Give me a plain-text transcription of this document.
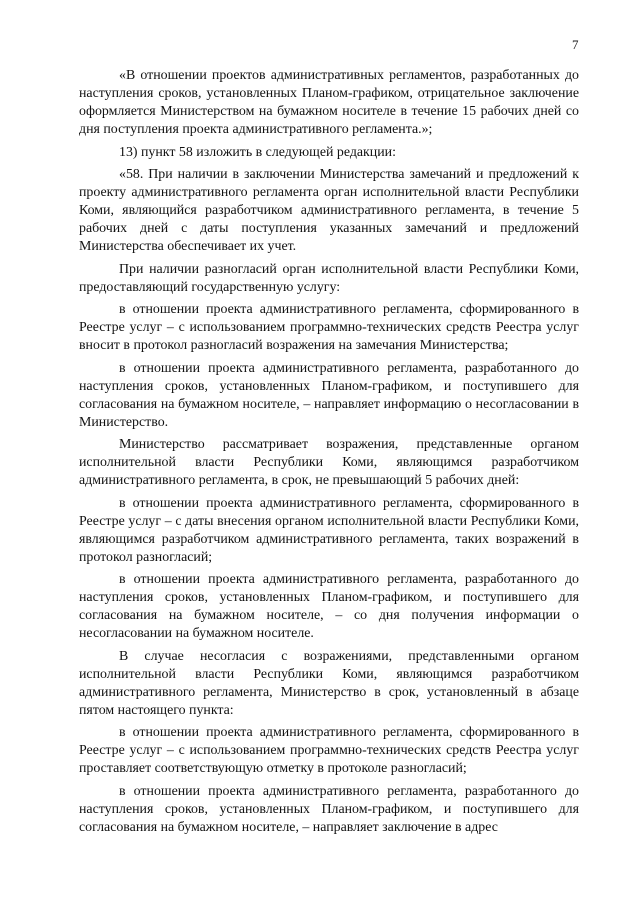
7

«В отношении проектов административных регламентов, разработанных до наступления сроков, установленных Планом-графиком, отрицательное заключение оформляется Министерством на бумажном носителе в течение 15 рабочих дней со дня поступления проекта административного регламента.»;

13) пункт 58 изложить в следующей редакции:

«58. При наличии в заключении Министерства замечаний и предложений к проекту административного регламента орган исполнительной власти Республики Коми, являющийся разработчиком административного регламента, в течение 5 рабочих дней с даты поступления указанных замечаний и предложений Министерства обеспечивает их учет.

При наличии разногласий орган исполнительной власти Республики Коми, предоставляющий государственную услугу:

в отношении проекта административного регламента, сформированного в Реестре услуг – с использованием программно-технических средств Реестра услуг вносит в протокол разногласий возражения на замечания Министерства;

в отношении проекта административного регламента, разработанного до наступления сроков, установленных Планом-графиком, и поступившего для согласования на бумажном носителе, – направляет информацию о несогласовании в Министерство.

Министерство рассматривает возражения, представленные органом исполнительной власти Республики Коми, являющимся разработчиком административного регламента, в срок, не превышающий 5 рабочих дней:

в отношении проекта административного регламента, сформированного в Реестре услуг – с даты внесения органом исполнительной власти Республики Коми, являющимся разработчиком административного регламента, таких возражений в протокол разногласий;

в отношении проекта административного регламента, разработанного до наступления сроков, установленных Планом-графиком, и поступившего для согласования на бумажном носителе, – со дня получения информации о несогласовании на бумажном носителе.

В случае несогласия с возражениями, представленными органом исполнительной власти Республики Коми, являющимся разработчиком административного регламента, Министерство в срок, установленный в абзаце пятом настоящего пункта:

в отношении проекта административного регламента, сформированного в Реестре услуг – с использованием программно-технических средств Реестра услуг проставляет соответствующую отметку в протоколе разногласий;

в отношении проекта административного регламента, разработанного до наступления сроков, установленных Планом-графиком, и поступившего для согласования на бумажном носителе, – направляет заключение в адрес
